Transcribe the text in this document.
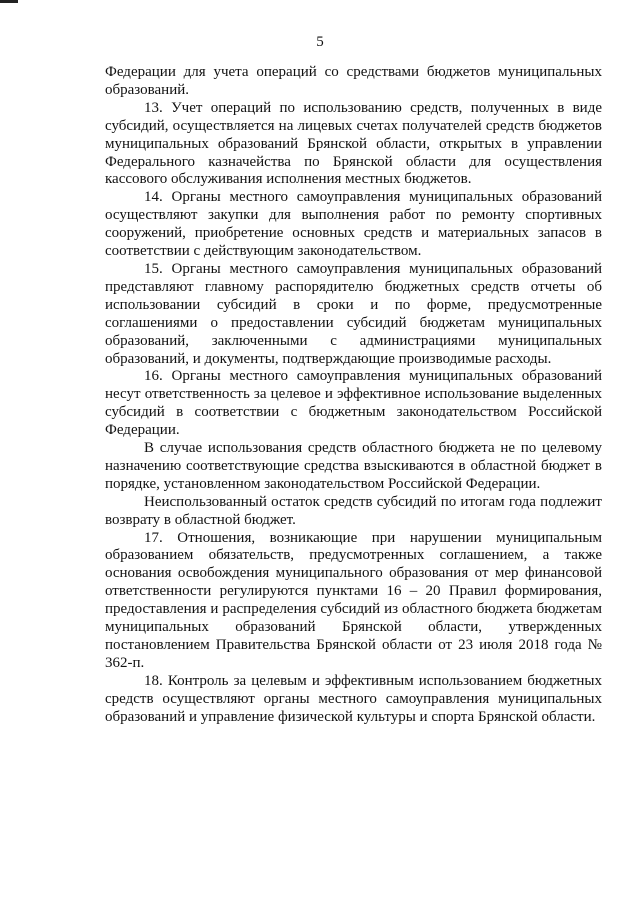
5

Федерации для учета операций со средствами бюджетов муниципальных образований.

13. Учет операций по использованию средств, полученных в виде субсидий, осуществляется на лицевых счетах получателей средств бюджетов муниципальных образований Брянской области, открытых в управлении Федерального казначейства по Брянской области для осуществления кассового обслуживания исполнения местных бюджетов.

14. Органы местного самоуправления муниципальных образований осуществляют закупки для выполнения работ по ремонту спортивных сооружений, приобретение основных средств и материальных запасов в соответствии с действующим законодательством.

15. Органы местного самоуправления муниципальных образований представляют главному распорядителю бюджетных средств отчеты об использовании субсидий в сроки и по форме, предусмотренные соглашениями о предоставлении субсидий бюджетам муниципальных образований, заключенными с администрациями муниципальных образований, и документы, подтверждающие производимые расходы.

16. Органы местного самоуправления муниципальных образований несут ответственность за целевое и эффективное использование выделенных субсидий в соответствии с бюджетным законодательством Российской Федерации.

В случае использования средств областного бюджета не по целевому назначению соответствующие средства взыскиваются в областной бюджет в порядке, установленном законодательством Российской Федерации.

Неиспользованный остаток средств субсидий по итогам года подлежит возврату в областной бюджет.

17. Отношения, возникающие при нарушении муниципальным образованием обязательств, предусмотренных соглашением, а также основания освобождения муниципального образования от мер финансовой ответственности регулируются пунктами 16 – 20 Правил формирования, предоставления и распределения субсидий из областного бюджета бюджетам муниципальных образований Брянской области, утвержденных постановлением Правительства Брянской области от 23 июля 2018 года № 362-п.

18. Контроль за целевым и эффективным использованием бюджетных средств осуществляют органы местного самоуправления муниципальных образований и управление физической культуры и спорта Брянской области.
